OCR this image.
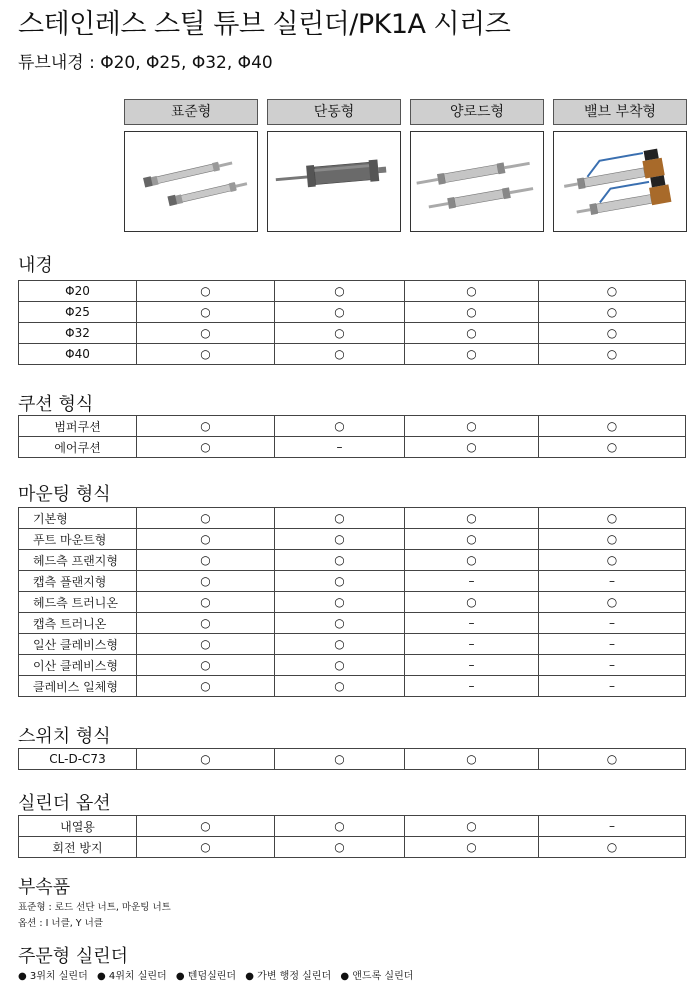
스테인레스 스틸 튜브 실린더/PK1A 시리즈
튜브내경 : Φ20, Φ25, Φ32, Φ40
표준형	단동형	양로드형	밸브 부착형
내경
Φ20	○	○	○	○
Φ25	○	○	○	○
Φ32	○	○	○	○
Φ40	○	○	○	○
쿠션 형식
범퍼쿠션	○	○	○	○
에어쿠션	○	–	○	○
마운팅 형식
기본형	○	○	○	○
푸트 마운트형	○	○	○	○
헤드측 프랜지형	○	○	○	○
캡측 플랜지형	○	○	–	–
헤드측 트러니온	○	○	○	○
캡측 트러니온	○	○	–	–
일산 클레비스형	○	○	–	–
이산 클레비스형	○	○	–	–
클레비스 일체형	○	○	–	–
스위치 형식
CL-D-C73	○	○	○	○
실린더 옵션
내열용	○	○	○	–
회전 방지	○	○	○	○
부속품
표준형 : 로드 선단 너트, 마운팅 너트
옵션 : I 너클, Y 너클
주문형 실린더
● 3위치 실린더 ● 4위치 실린더 ● 텐덤실린더 ● 가변 행정 실린더 ● 앤드록 실린더
